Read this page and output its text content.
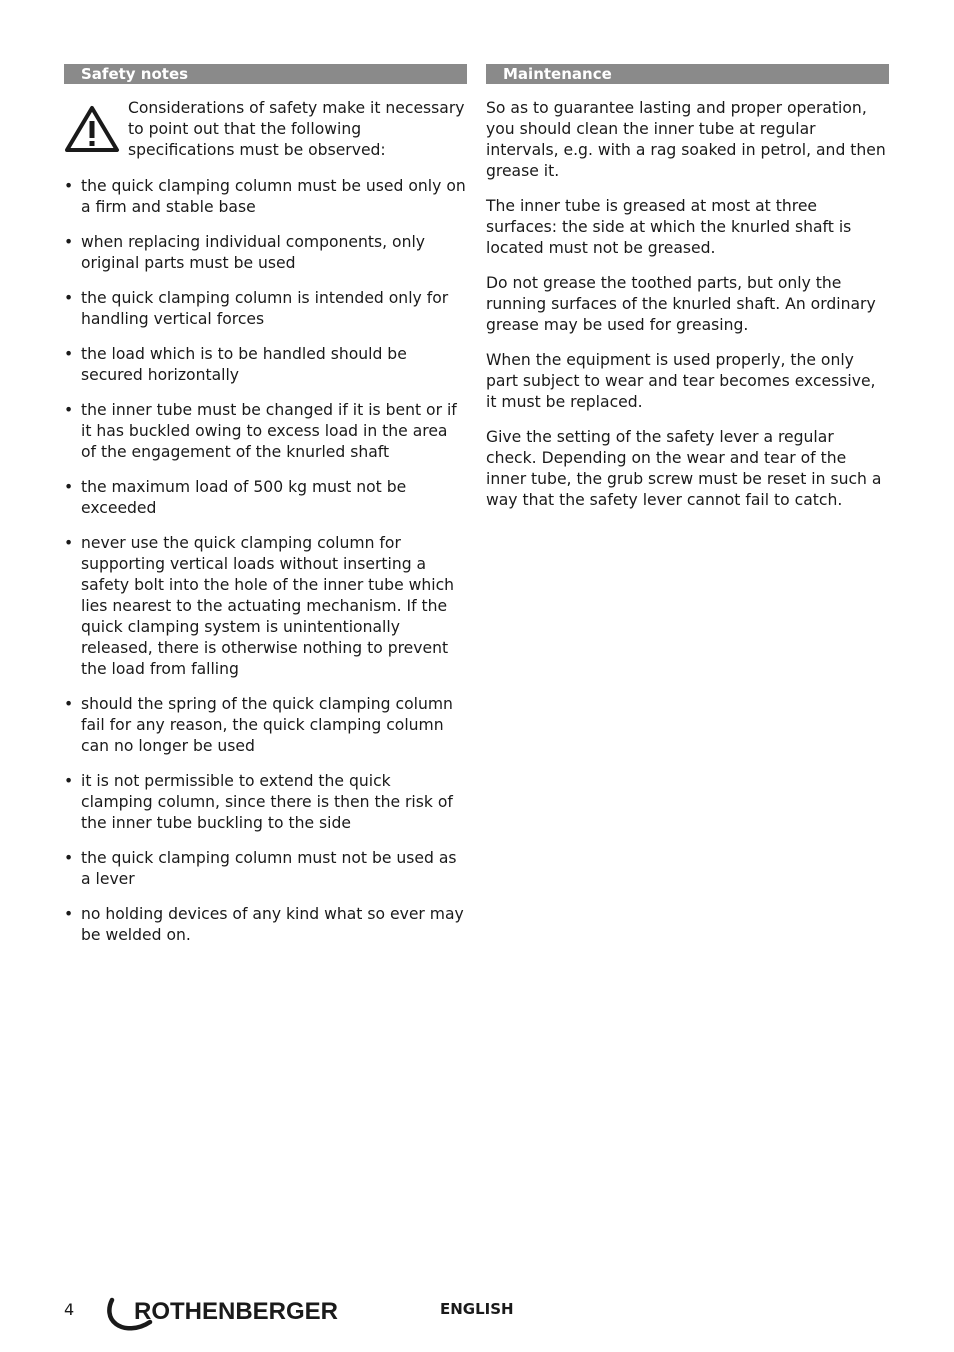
Safety notes
Considerations of safety make it necessary to point out that the following specifications must be observed:
• the quick clamping column must be used only on a firm and stable base
• when replacing individual components, only original parts must be used
• the quick clamping column is intended only for handling vertical forces
• the load which is to be handled should be secured horizontally
• the inner tube must be changed if it is bent or if it has buckled owing to excess load in the area of the engagement of the knurled shaft
• the maximum load of 500 kg must not be exceeded
• never use the quick clamping column for supporting vertical loads without inserting a safety bolt into the hole of the inner tube which lies nearest to the actuating mechanism. If the quick clamping system is unintentionally released, there is otherwise nothing to prevent the load from falling
• should the spring of the quick clamping column fail for any reason, the quick clamping column can no longer be used
• it is not permissible to extend the quick clamping column, since there is then the risk of the inner tube buckling to the side
• the quick clamping column must not be used as a lever
• no holding devices of any kind what so ever may be welded on.
Maintenance

So as to guarantee lasting and proper operation, you should clean the inner tube at regular intervals, e.g. with a rag soaked in petrol, and then grease it.

The inner tube is greased at most at three surfaces: the side at which the knurled shaft is located must not be greased.

Do not grease the toothed parts, but only the running surfaces of the knurled shaft. An ordinary grease may be used for greasing.

When the equipment is used properly, the only part subject to wear and tear becomes excessive, it must be replaced.

Give the setting of the safety lever a regular check. Depending on the wear and tear of the inner tube, the grub screw must be reset in such a way that the safety lever cannot fail to catch.

4 ROTHENBERGER	ENGLISH
